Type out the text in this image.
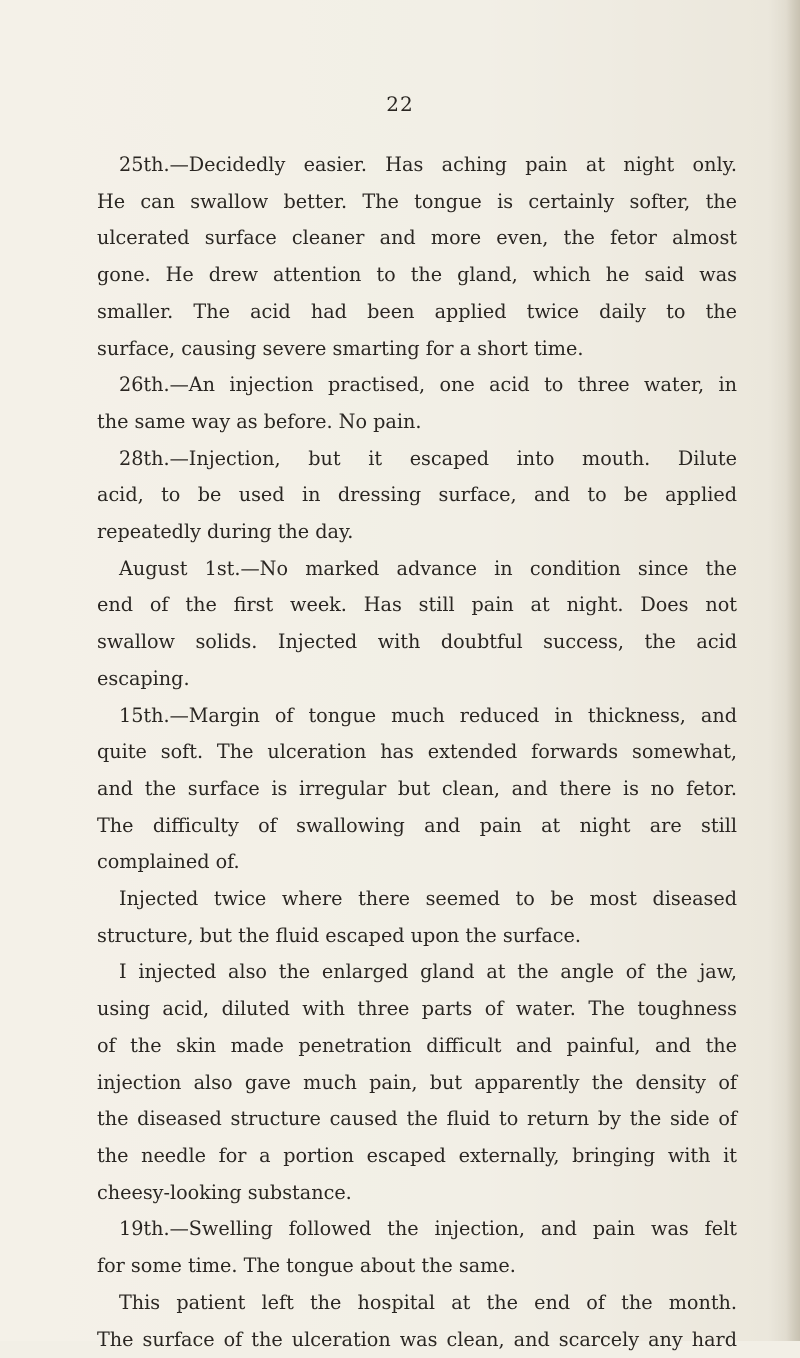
22
25th.—Decidedly easier. Has aching pain at night only.
He can swallow better. The tongue is certainly softer, the
ulcerated surface cleaner and more even, the fetor almost
gone. He drew attention to the gland, which he said was
smaller. The acid had been applied twice daily to the
surface, causing severe smarting for a short time.
26th.—An injection practised, one acid to three water, in
the same way as before. No pain.
28th.—Injection, but it escaped into mouth. Dilute
acid, to be used in dressing surface, and to be applied
repeatedly during the day.
August 1st.—No marked advance in condition since the
end of the first week. Has still pain at night. Does not
swallow solids. Injected with doubtful success, the acid
escaping.
15th.—Margin of tongue much reduced in thickness, and
quite soft. The ulceration has extended forwards somewhat,
and the surface is irregular but clean, and there is no fetor.
The difficulty of swallowing and pain at night are still
complained of.
Injected twice where there seemed to be most diseased
structure, but the fluid escaped upon the surface.
I injected also the enlarged gland at the angle of the jaw,
using acid, diluted with three parts of water. The toughness
of the skin made penetration difficult and painful, and the
injection also gave much pain, but apparently the density of
the diseased structure caused the fluid to return by the side of
the needle for a portion escaped externally, bringing with it
cheesy-looking substance.
19th.—Swelling followed the injection, and pain was felt
for some time. The tongue about the same.
This patient left the hospital at the end of the month.
The surface of the ulceration was clean, and scarcely any hard
